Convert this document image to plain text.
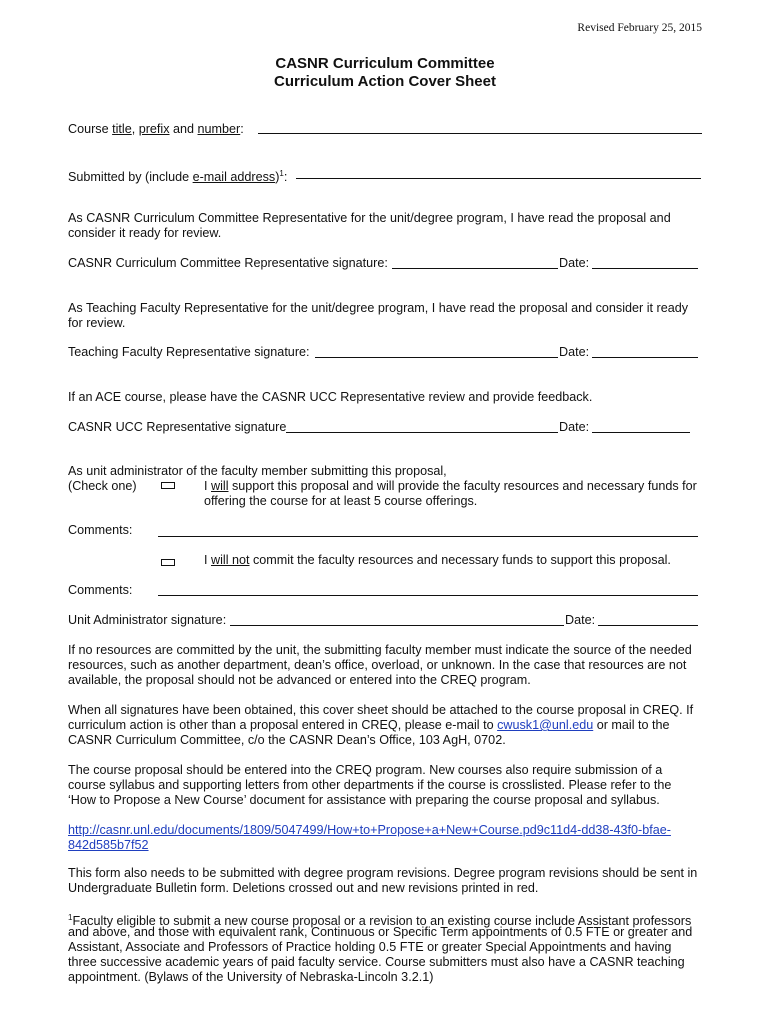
Revised February 25, 2015
CASNR Curriculum Committee
Curriculum Action Cover Sheet
Course title, prefix and number:
Submitted by (include e-mail address)$^1$:
As CASNR Curriculum Committee Representative for the unit/degree program, I have read the proposal and
consider it ready for review.
CASNR Curriculum Committee Representative signature:	Date:
As Teaching Faculty Representative for the unit/degree program, I have read the proposal and consider it ready
for review.
Teaching Faculty Representative signature:	Date:
If an ACE course, please have the CASNR UCC Representative review and provide feedback.
CASNR UCC Representative signature	Date:
As unit administrator of the faculty member submitting this proposal,
(Check one)	I will support this proposal and will provide the faculty resources and necessary funds for
offering the course for at least 5 course offerings.
Comments:
I will not commit the faculty resources and necessary funds to support this proposal.
Comments:
Unit Administrator signature:	Date:
If no resources are committed by the unit, the submitting faculty member must indicate the source of the needed
resources, such as another department, dean’s office, overload, or unknown. In the case that resources are not
available, the proposal should not be advanced or entered into the CREQ program.
When all signatures have been obtained, this cover sheet should be attached to the course proposal in CREQ. If
curriculum action is other than a proposal entered in CREQ, please e-mail to cwusk1@unl.edu or mail to the
CASNR Curriculum Committee, c/o the CASNR Dean’s Office, 103 AgH, 0702.
The course proposal should be entered into the CREQ program. New courses also require submission of a
course syllabus and supporting letters from other departments if the course is crosslisted. Please refer to the
‘How to Propose a New Course’ document for assistance with preparing the course proposal and syllabus.
http://casnr.unl.edu/documents/1809/5047499/How+to+Propose+a+New+Course.pd9c11d4-dd38-43f0-bfae-
842d585b7f52
This form also needs to be submitted with degree program revisions. Degree program revisions should be sent in
Undergraduate Bulletin form. Deletions crossed out and new revisions printed in red.
$^1$Faculty eligible to submit a new course proposal or a revision to an existing course include Assistant professors
and above, and those with equivalent rank, Continuous or Specific Term appointments of 0.5 FTE or greater and
Assistant, Associate and Professors of Practice holding 0.5 FTE or greater Special Appointments and having
three successive academic years of paid faculty service. Course submitters must also have a CASNR teaching
appointment. (Bylaws of the University of Nebraska-Lincoln 3.2.1)
